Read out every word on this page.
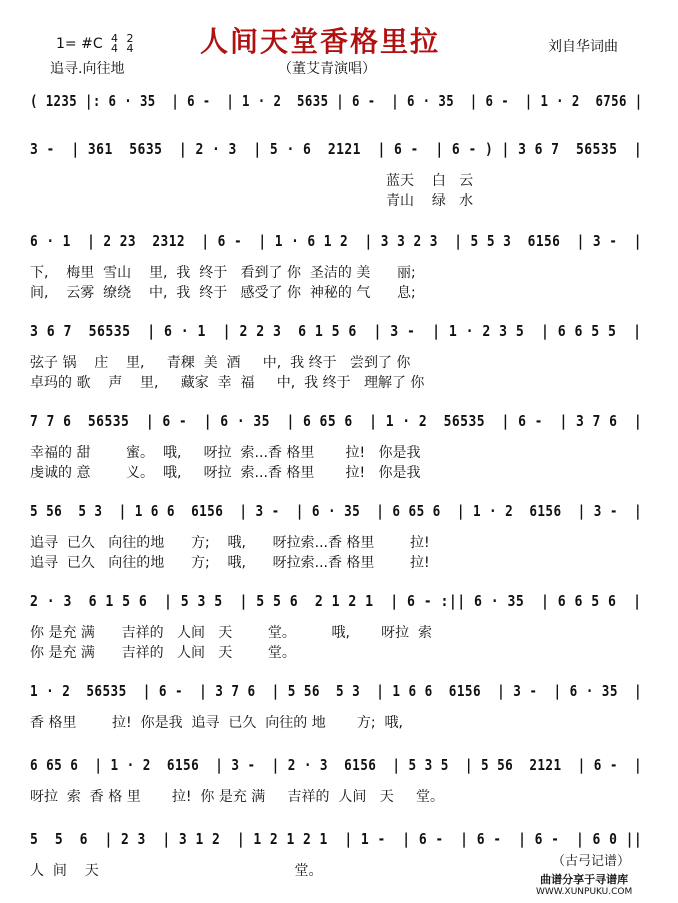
人间天堂香格里拉
1= #C 4
4 2
4
追寻.向往地
刘自华词曲
（董艾青演唱）
( 1235 |: 6 · 35  | 6 -  | 1 · 2  5635 | 6 -  | 6 · 35  | 6 -  | 1 · 2  6756 |
3 -  | 361  5635  | 2 · 3  | 5 · 6  2121  | 6 -  | 6 - ) | 3 6 7  56535  |
蓝天    白   云
青山    绿   水
6 · 1  | 2 23  2312  | 6 -  | 1 · 6 1 2  | 3 3 2 3  | 5 5 3  6156  | 3 -  |
下,    梅里  雪山    里,  我  终于   看到了 你  圣洁的 美      丽;
间,    云雾  缭绕    中,  我  终于   感受了 你  神秘的 气      息;
3 6 7  56535  | 6 · 1  | 2 2 3  6 1 5 6  | 3 -  | 1 · 2 3 5  | 6 6 5 5  |
弦子 锅    庄    里,     青稞  美  酒     中,  我 终于   尝到了 你
卓玛的 歌    声    里,     藏家  幸  福     中,  我 终于   理解了 你
7 7 6  56535  | 6 -  | 6 · 35  | 6 65 6  | 1 · 2  56535  | 6 -  | 3 7 6  |
幸福的 甜        蜜。  哦,     呀拉  索...香 格里       拉!   你是我
虔诚的 意        义。  哦,     呀拉  索...香 格里       拉!   你是我
5 56  5 3  | 1 6 6  6156  | 3 -  | 6 · 35  | 6 65 6  | 1 · 2  6156  | 3 -  |
追寻  已久   向往的地      方;    哦,      呀拉索...香 格里        拉!
追寻  已久   向往的地      方;    哦,      呀拉索...香 格里        拉!
2 · 3  6 1 5 6  | 5 3 5  | 5 5 6  2 1 2 1  | 6 - :|| 6 · 35  | 6 6 5 6  |
你 是充 满      吉祥的   人间   天        堂。        哦,       呀拉  索
你 是充 满      吉祥的   人间   天        堂。
1 · 2  56535  | 6 -  | 3 7 6  | 5 56  5 3  | 1 6 6  6156  | 3 -  | 6 · 35  |
香 格里        拉!  你是我  追寻  已久  向往的 地       方;  哦,
6 65 6  | 1 · 2  6156  | 3 -  | 2 · 3  6156  | 5 3 5  | 5 56  2121  | 6 -  |
呀拉  索  香 格 里       拉!  你 是充 满     吉祥的  人间   天     堂。
5  5  6  | 2 3  | 3 1 2  | 1 2 1 2 1  | 1 -  | 6 -  | 6 -  | 6 -  | 6 0 ||
人  间    天                                            堂。
（古弓记谱）
曲谱分享于寻谱库
WWW.XUNPUKU.COM
